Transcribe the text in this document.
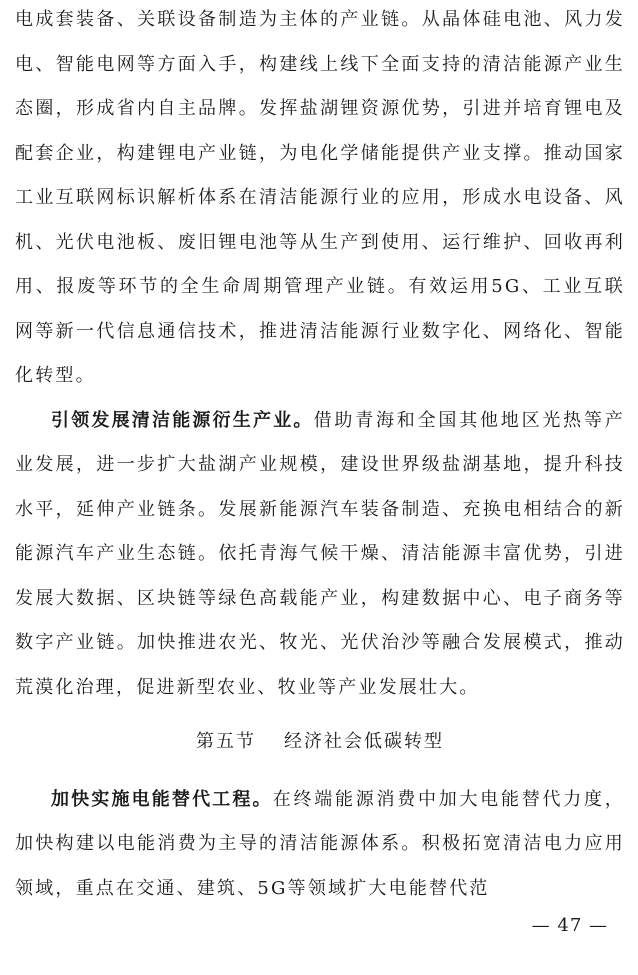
电成套装备、关联设备制造为主体的产业链。从晶体硅电池、风力发电、智能电网等方面入手，构建线上线下全面支持的清洁能源产业生态圈，形成省内自主品牌。发挥盐湖锂资源优势，引进并培育锂电及配套企业，构建锂电产业链，为电化学储能提供产业支撑。推动国家工业互联网标识解析体系在清洁能源行业的应用，形成水电设备、风机、光伏电池板、废旧锂电池等从生产到使用、运行维护、回收再利用、报废等环节的全生命周期管理产业链。有效运用5G、工业互联网等新一代信息通信技术，推进清洁能源行业数字化、网络化、智能化转型。

引领发展清洁能源衍生产业。借助青海和全国其他地区光热等产业发展，进一步扩大盐湖产业规模，建设世界级盐湖基地，提升科技水平，延伸产业链条。发展新能源汽车装备制造、充换电相结合的新能源汽车产业生态链。依托青海气候干燥、清洁能源丰富优势，引进发展大数据、区块链等绿色高载能产业，构建数据中心、电子商务等数字产业链。加快推进农光、牧光、光伏治沙等融合发展模式，推动荒漠化治理，促进新型农业、牧业等产业发展壮大。

第五节 经济社会低碳转型

加快实施电能替代工程。在终端能源消费中加大电能替代力度，加快构建以电能消费为主导的清洁能源体系。积极拓宽清洁电力应用领域，重点在交通、建筑、5G等领域扩大电能替代范

— 47 —
